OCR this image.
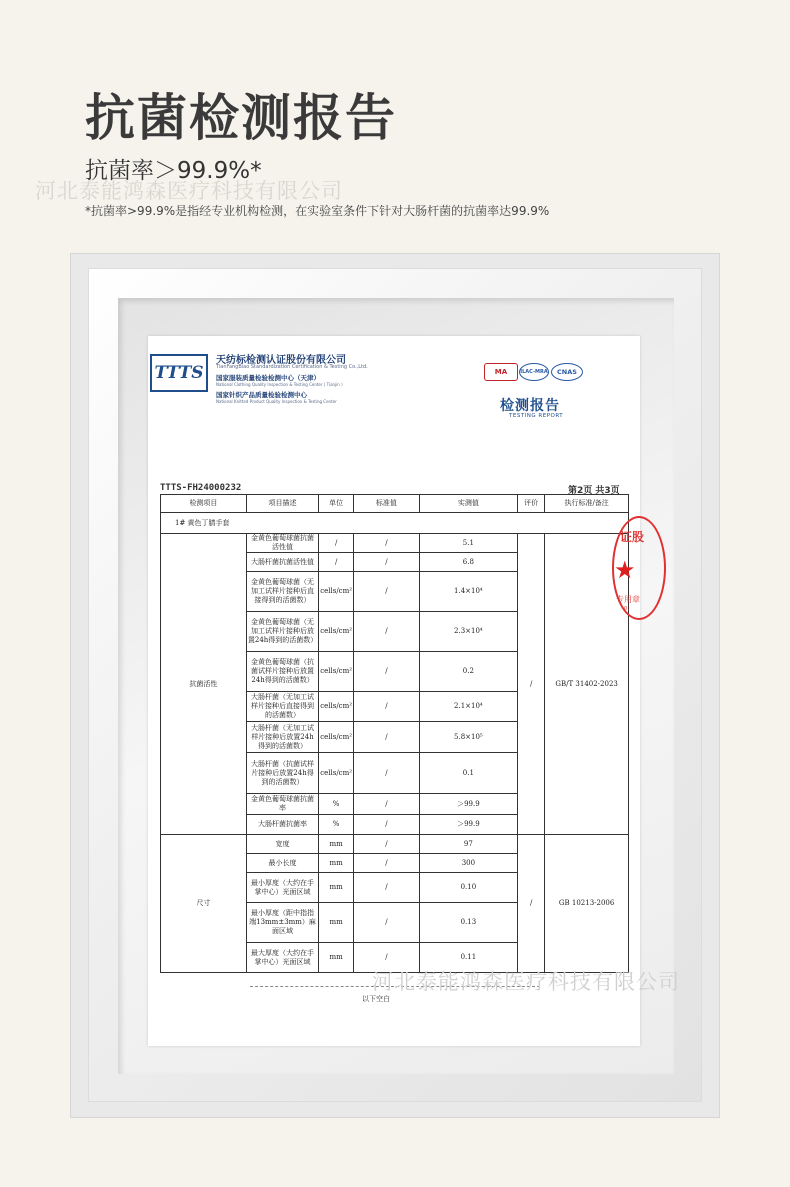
抗菌检测报告
抗菌率＞99.9%*
河北泰能鸿森医疗科技有限公司
*抗菌率>99.9%是指经专业机构检测，在实验室条件下针对大肠杆菌的抗菌率达99.9%
TTTS
天纺标检测认证股份有限公司
TianFangBiao Standardization Certification & Testing Co.,Ltd.
国家服装质量检验检测中心（天津）
National Clothing Quality Inspection & Testing Center ( Tianjin )
国家针织产品质量检验检测中心
National Knitted Product Quality Inspection & Testing Center
MA	ILAC-MRA	CNAS
检测报告
TESTING REPORT
TTTS-FH24000232	第2页 共3页
检测项目	项目描述	单位	标准值	实测值	评价	执行标准/备注
1# 黄色丁腈手套						
抗菌活性	金黄色葡萄球菌抗菌活性值	/	/	5.1	/	GB/T 31402-2023
	大肠杆菌抗菌活性值	/	/	6.8		
	金黄色葡萄球菌（无加工试样片接种后直接得到的活菌数）	cells/cm²	/	1.4×10⁴		
	金黄色葡萄球菌（无加工试样片接种后放置24h得到的活菌数）	cells/cm²	/	2.3×10⁴		
	金黄色葡萄球菌（抗菌试样片接种后放置24h得到的活菌数）	cells/cm²	/	0.2		
	大肠杆菌（无加工试样片接种后直接得到的活菌数）	cells/cm²	/	2.1×10⁴		
	大肠杆菌（无加工试样片接种后放置24h得到的活菌数）	cells/cm²	/	5.8×10⁵		
	大肠杆菌（抗菌试样片接种后放置24h得到的活菌数）	cells/cm²	/	0.1		
	金黄色葡萄球菌抗菌率	%	/	＞99.9		
	大肠杆菌抗菌率	%	/	＞99.9		
尺寸	宽度	mm	/	97	/	GB 10213-2006
	最小长度	mm	/	300		
	最小厚度（大约在手掌中心）光面区域	mm	/	0.10		
	最小厚度（距中指指端13mm±3mm）麻面区域	mm	/	0.13		
	最大厚度（大约在手掌中心）光面区域	mm	/	0.11		
以下空白
证股
★
专用章
0
河北泰能鸿森医疗科技有限公司
